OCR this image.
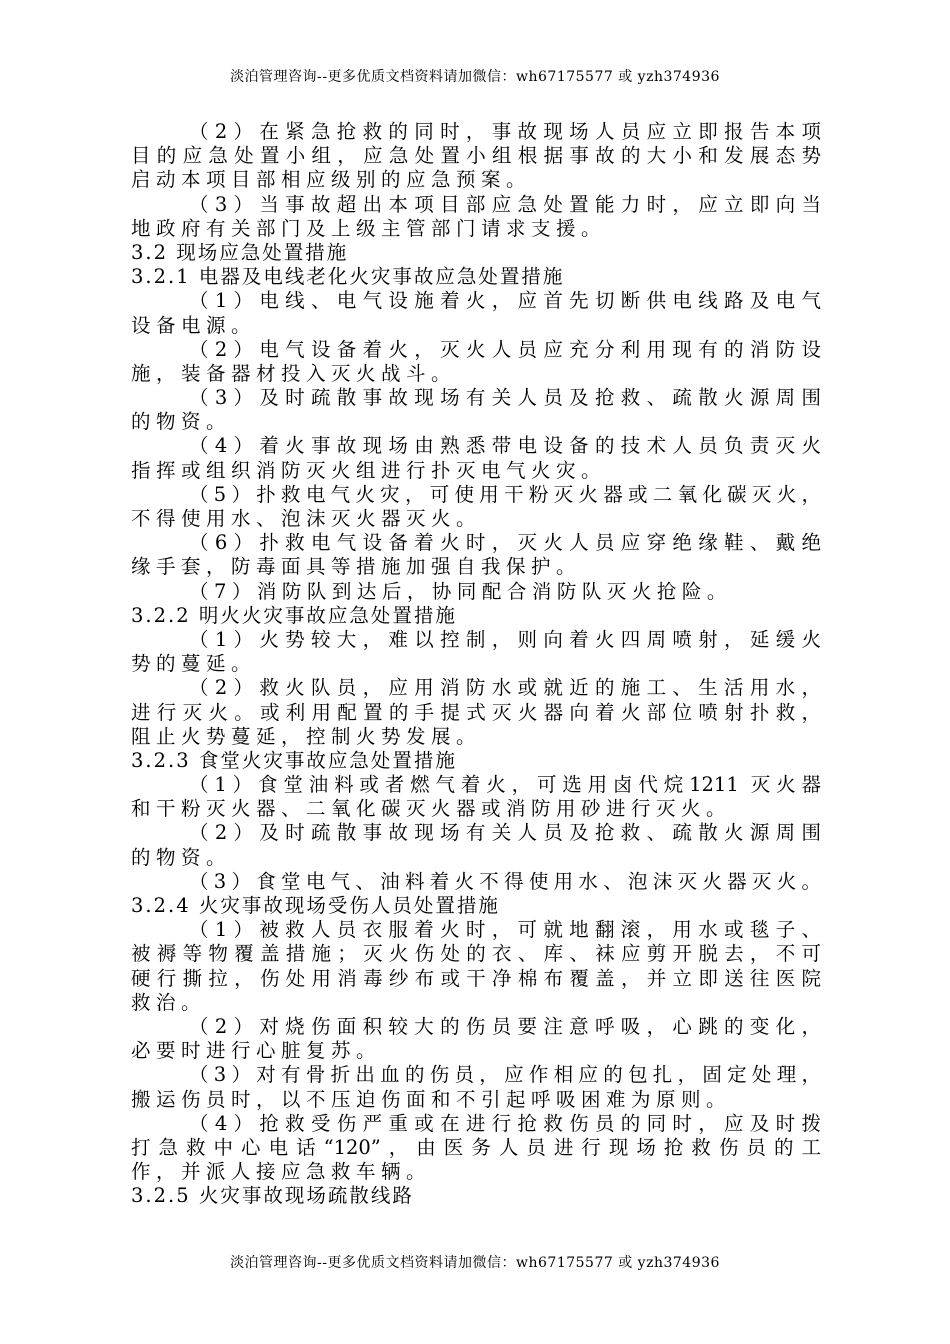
淡泊管理咨询--更多优质文档资料请加微信：wh67175577 或 yzh374936
（2）在紧急抢救的同时，事故现场人员应立即报告本项
目的应急处置小组，应急处置小组根据事故的大小和发展态势
启动本项目部相应级别的应急预案。
（3）当事故超出本项目部应急处置能力时，应立即向当
地政府有关部门及上级主管部门请求支援。
3.2 现场应急处置措施
3.2.1 电器及电线老化火灾事故应急处置措施
（1）电线、电气设施着火，应首先切断供电线路及电气
设备电源。
（2）电气设备着火，灭火人员应充分利用现有的消防设
施，装备器材投入灭火战斗。
（3）及时疏散事故现场有关人员及抢救、疏散火源周围
的物资。
（4）着火事故现场由熟悉带电设备的技术人员负责灭火
指挥或组织消防灭火组进行扑灭电气火灾。
（5）扑救电气火灾，可使用干粉灭火器或二氧化碳灭火，
不得使用水、泡沫灭火器灭火。
（6）扑救电气设备着火时，灭火人员应穿绝缘鞋、戴绝
缘手套，防毒面具等措施加强自我保护。
（7）消防队到达后，协同配合消防队灭火抢险。
3.2.2 明火火灾事故应急处置措施
（1）火势较大，难以控制，则向着火四周喷射，延缓火
势的蔓延。
（2）救火队员，应用消防水或就近的施工、生活用水，
进行灭火。或利用配置的手提式灭火器向着火部位喷射扑救，
阻止火势蔓延，控制火势发展。
3.2.3 食堂火灾事故应急处置措施
（1）食堂油料或者燃气着火，可选用卤代烷1211 灭火器
和干粉灭火器、二氧化碳灭火器或消防用砂进行灭火。
（2）及时疏散事故现场有关人员及抢救、疏散火源周围
的物资。
（3）食堂电气、油料着火不得使用水、泡沫灭火器灭火。
3.2.4 火灾事故现场受伤人员处置措施
（1）被救人员衣服着火时，可就地翻滚，用水或毯子、
被褥等物覆盖措施；灭火伤处的衣、库、袜应剪开脱去，不可
硬行撕拉，伤处用消毒纱布或干净棉布覆盖，并立即送往医院
救治。
（2）对烧伤面积较大的伤员要注意呼吸，心跳的变化，
必要时进行心脏复苏。
（3）对有骨折出血的伤员，应作相应的包扎，固定处理，
搬运伤员时，以不压迫伤面和不引起呼吸困难为原则。
（4）抢救受伤严重或在进行抢救伤员的同时，应及时拨
打急救中心电话“120”，由医务人员进行现场抢救伤员的工
作，并派人接应急救车辆。
3.2.5 火灾事故现场疏散线路
淡泊管理咨询--更多优质文档资料请加微信：wh67175577 或 yzh374936
